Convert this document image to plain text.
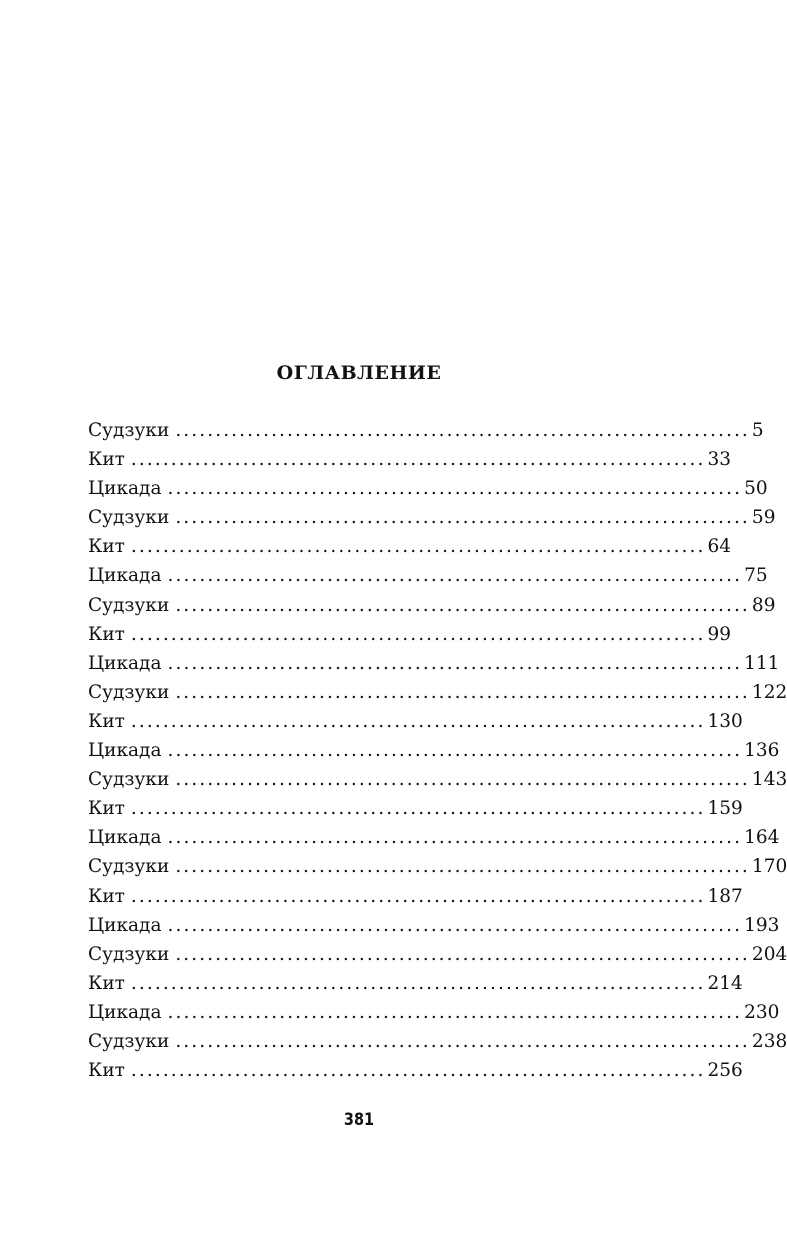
ОГЛАВЛЕНИЕ
Судзуки ........................................................................ 5
Кит ........................................................................ 33
Цикада ........................................................................ 50
Судзуки ........................................................................ 59
Кит ........................................................................ 64
Цикада ........................................................................ 75
Судзуки ........................................................................ 89
Кит ........................................................................ 99
Цикада ........................................................................ 111
Судзуки ........................................................................ 122
Кит ........................................................................ 130
Цикада ........................................................................ 136
Судзуки ........................................................................ 143
Кит ........................................................................ 159
Цикада ........................................................................ 164
Судзуки ........................................................................ 170
Кит ........................................................................ 187
Цикада ........................................................................ 193
Судзуки ........................................................................ 204
Кит ........................................................................ 214
Цикада ........................................................................ 230
Судзуки ........................................................................ 238
Кит ........................................................................ 256
381
